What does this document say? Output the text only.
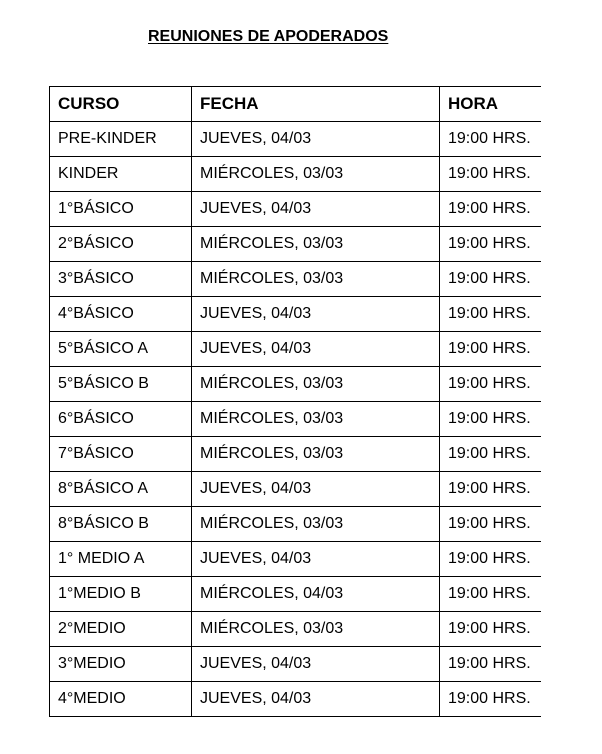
REUNIONES DE APODERADOS
CURSO	FECHA	HORA
PRE-KINDER	JUEVES, 04/03	19:00 HRS.
KINDER	MIÉRCOLES, 03/03	19:00 HRS.
1°BÁSICO	JUEVES, 04/03	19:00 HRS.
2°BÁSICO	MIÉRCOLES, 03/03	19:00 HRS.
3°BÁSICO	MIÉRCOLES, 03/03	19:00 HRS.
4°BÁSICO	JUEVES, 04/03	19:00 HRS.
5°BÁSICO A	JUEVES, 04/03	19:00 HRS.
5°BÁSICO B	MIÉRCOLES, 03/03	19:00 HRS.
6°BÁSICO	MIÉRCOLES, 03/03	19:00 HRS.
7°BÁSICO	MIÉRCOLES, 03/03	19:00 HRS.
8°BÁSICO A	JUEVES, 04/03	19:00 HRS.
8°BÁSICO B	MIÉRCOLES, 03/03	19:00 HRS.
1° MEDIO A	JUEVES, 04/03	19:00 HRS.
1°MEDIO B	MIÉRCOLES, 04/03	19:00 HRS.
2°MEDIO	MIÉRCOLES, 03/03	19:00 HRS.
3°MEDIO	JUEVES, 04/03	19:00 HRS.
4°MEDIO	JUEVES, 04/03	19:00 HRS.
